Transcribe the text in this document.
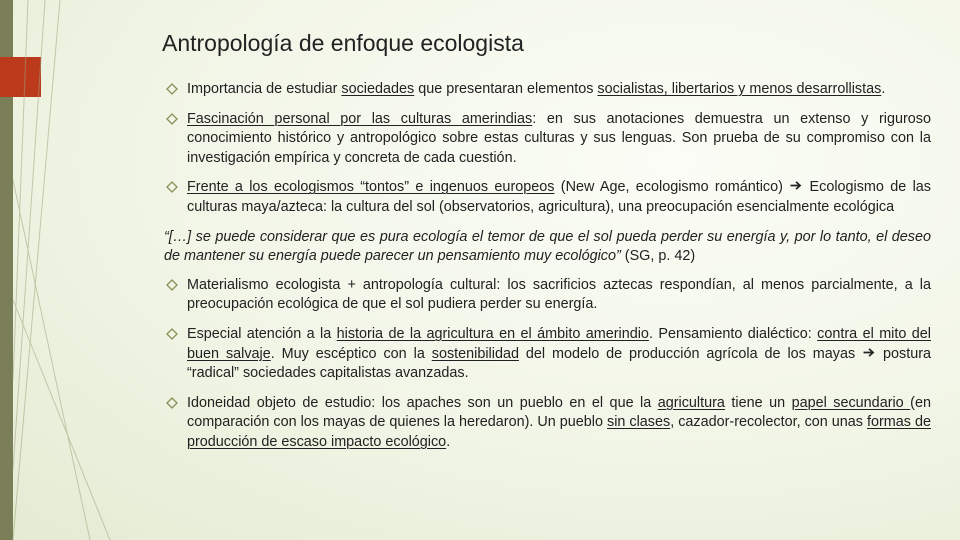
Antropología de enfoque ecologista
Importancia de estudiar sociedades que presentaran elementos socialistas, libertarios y menos desarrollistas.
Fascinación personal por las culturas amerindias: en sus anotaciones demuestra un extenso y riguroso conocimiento histórico y antropológico sobre estas culturas y sus lenguas. Son prueba de su compromiso con la investigación empírica y concreta de cada cuestión.
Frente a los ecologismos “tontos” e ingenuos europeos (New Age, ecologismo romántico)  Ecologismo de las culturas maya/azteca: la cultura del sol (observatorios, agricultura), una preocupación esencialmente ecológica
“[…] se puede considerar que es pura ecología el temor de que el sol pueda perder su energía y, por lo tanto, el deseo de mantener su energía puede parecer un pensamiento muy ecológico” (SG, p. 42)
Materialismo ecologista + antropología cultural: los sacrificios aztecas respondían, al menos parcialmente, a la preocupación ecológica de que el sol pudiera perder su energía.
Especial atención a la historia de la agricultura en el ámbito amerindio. Pensamiento dialéctico: contra el mito del buen salvaje. Muy escéptico con la sostenibilidad del modelo de producción agrícola de los mayas  postura “radical” sociedades capitalistas avanzadas.
Idoneidad objeto de estudio: los apaches son un pueblo en el que la agricultura tiene un papel secundario (en comparación con los mayas de quienes la heredaron). Un pueblo sin clases, cazador-recolector, con unas formas de producción de escaso impacto ecológico.
